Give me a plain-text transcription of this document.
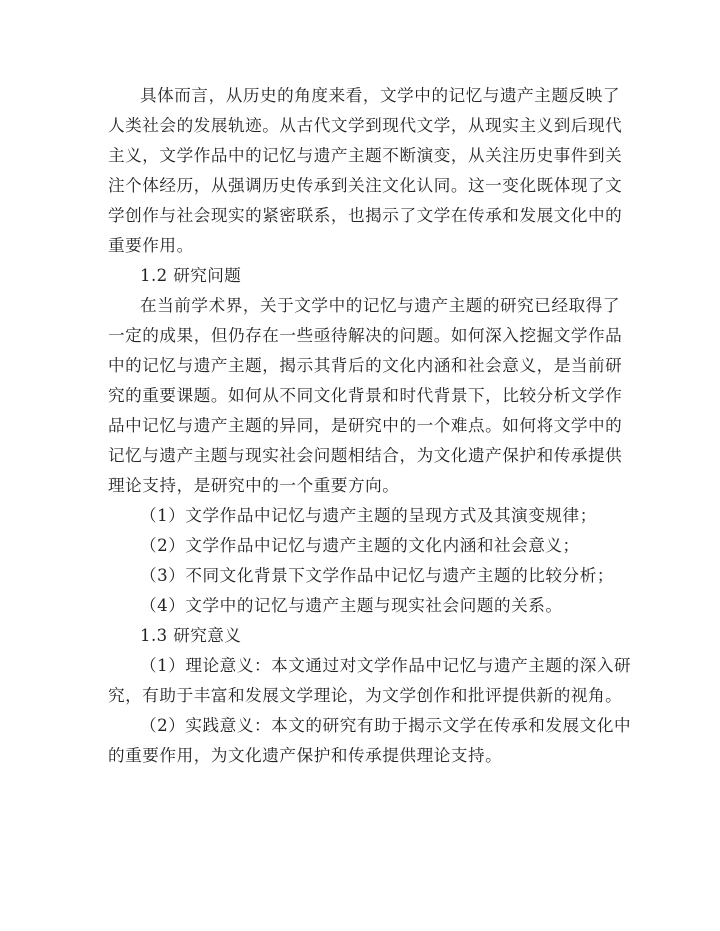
具体而言，从历史的角度来看，文学中的记忆与遗产主题反映了
人类社会的发展轨迹。从古代文学到现代文学，从现实主义到后现代
主义，文学作品中的记忆与遗产主题不断演变，从关注历史事件到关
注个体经历，从强调历史传承到关注文化认同。这一变化既体现了文
学创作与社会现实的紧密联系，也揭示了文学在传承和发展文化中的
重要作用。
1.2 研究问题
在当前学术界，关于文学中的记忆与遗产主题的研究已经取得了
一定的成果，但仍存在一些亟待解决的问题。如何深入挖掘文学作品
中的记忆与遗产主题，揭示其背后的文化内涵和社会意义，是当前研
究的重要课题。如何从不同文化背景和时代背景下，比较分析文学作
品中记忆与遗产主题的异同，是研究中的一个难点。如何将文学中的
记忆与遗产主题与现实社会问题相结合，为文化遗产保护和传承提供
理论支持，是研究中的一个重要方向。
（1）文学作品中记忆与遗产主题的呈现方式及其演变规律；
（2）文学作品中记忆与遗产主题的文化内涵和社会意义；
（3）不同文化背景下文学作品中记忆与遗产主题的比较分析；
（4）文学中的记忆与遗产主题与现实社会问题的关系。
1.3 研究意义
（1）理论意义：本文通过对文学作品中记忆与遗产主题的深入研
究，有助于丰富和发展文学理论，为文学创作和批评提供新的视角。
（2）实践意义：本文的研究有助于揭示文学在传承和发展文化中
的重要作用，为文化遗产保护和传承提供理论支持。
